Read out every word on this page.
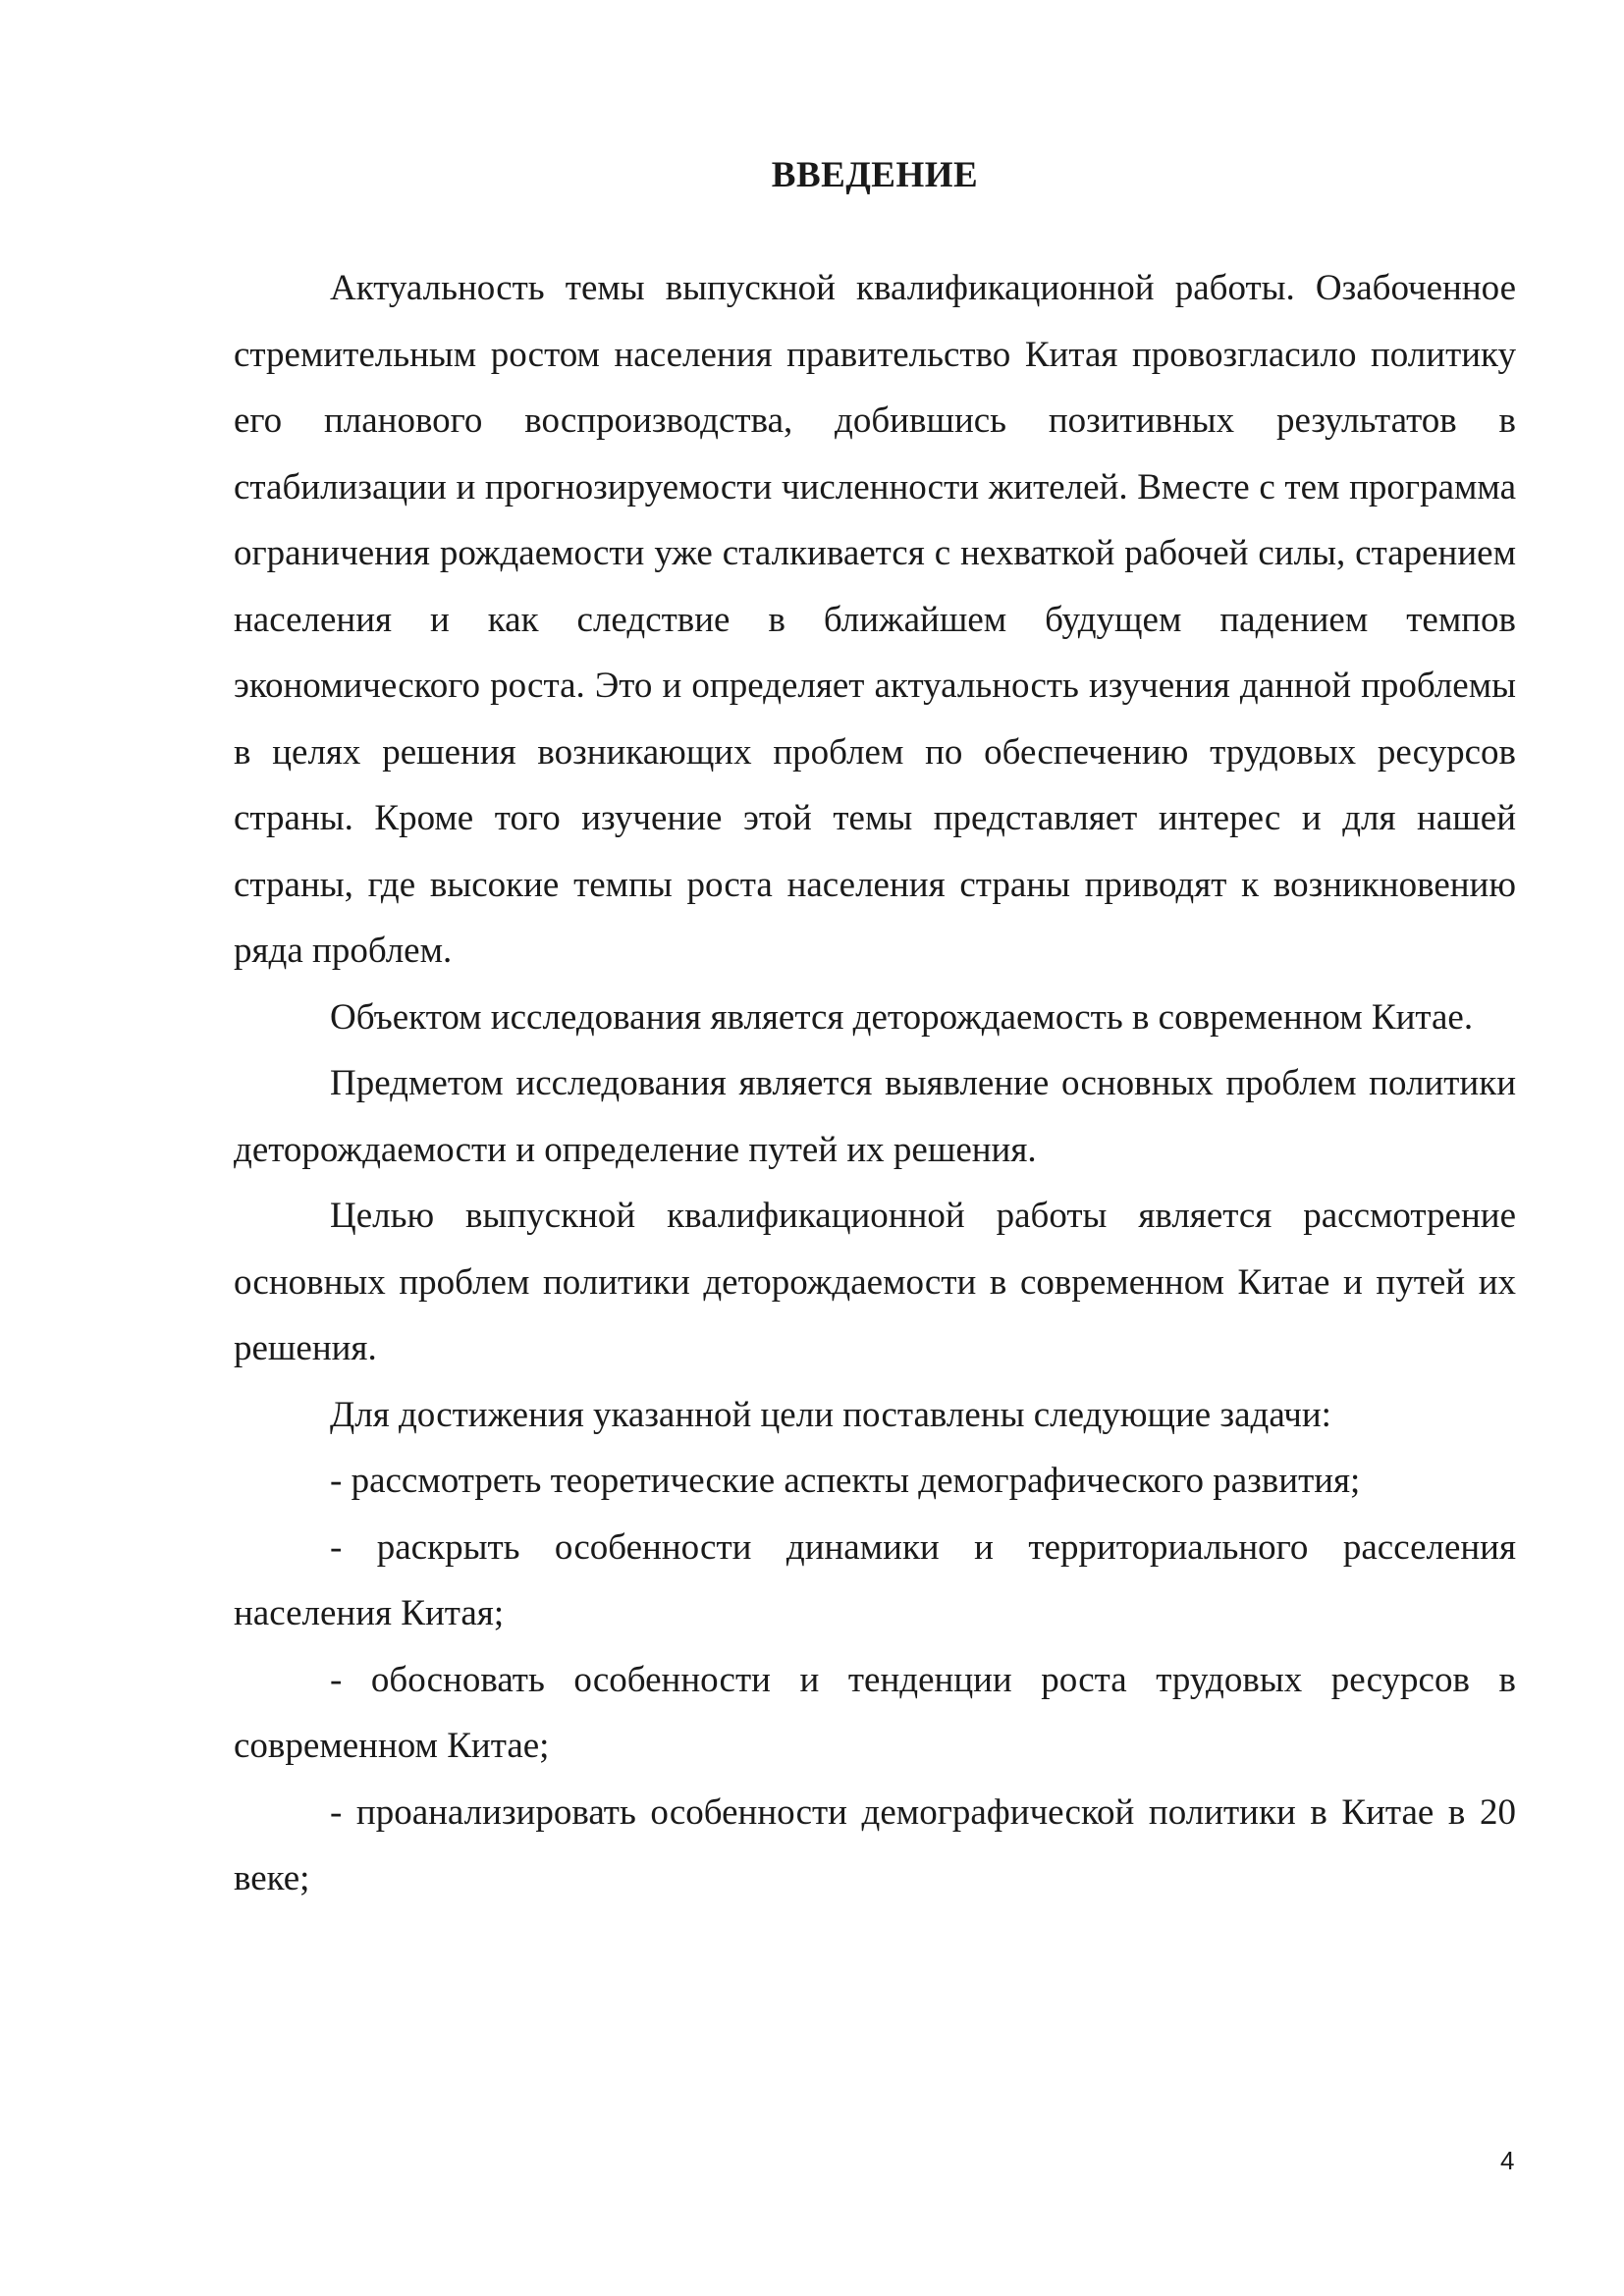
ВВЕДЕНИЕ

Актуальность темы выпускной квалификационной работы. Озабоченное стремительным ростом населения правительство Китая провозгласило политику его планового воспроизводства, добившись позитивных результатов в стабилизации и прогнозируемости численности жителей. Вместе с тем программа ограничения рождаемости уже сталкивается с нехваткой рабочей силы, старением населения и как следствие в ближайшем будущем падением темпов экономического роста. Это и определяет актуальность изучения данной проблемы в целях решения возникающих проблем по обеспечению трудовых ресурсов страны. Кроме того изучение этой темы представляет интерес и для нашей страны, где высокие темпы роста населения страны приводят к возникновению ряда проблем.

Объектом исследования является деторождаемость в современном Китае.

Предметом исследования является выявление основных проблем политики деторождаемости и определение путей их решения.

Целью выпускной квалификационной работы является рассмотрение основных проблем политики деторождаемости в современном Китае и путей их решения.

Для достижения указанной цели поставлены следующие задачи:

- рассмотреть теоретические аспекты демографического развития;

- раскрыть особенности динамики и территориального расселения населения Китая;

- обосновать особенности и тенденции роста трудовых ресурсов в современном Китае;

- проанализировать особенности демографической политики в Китае в 20 веке;

4
